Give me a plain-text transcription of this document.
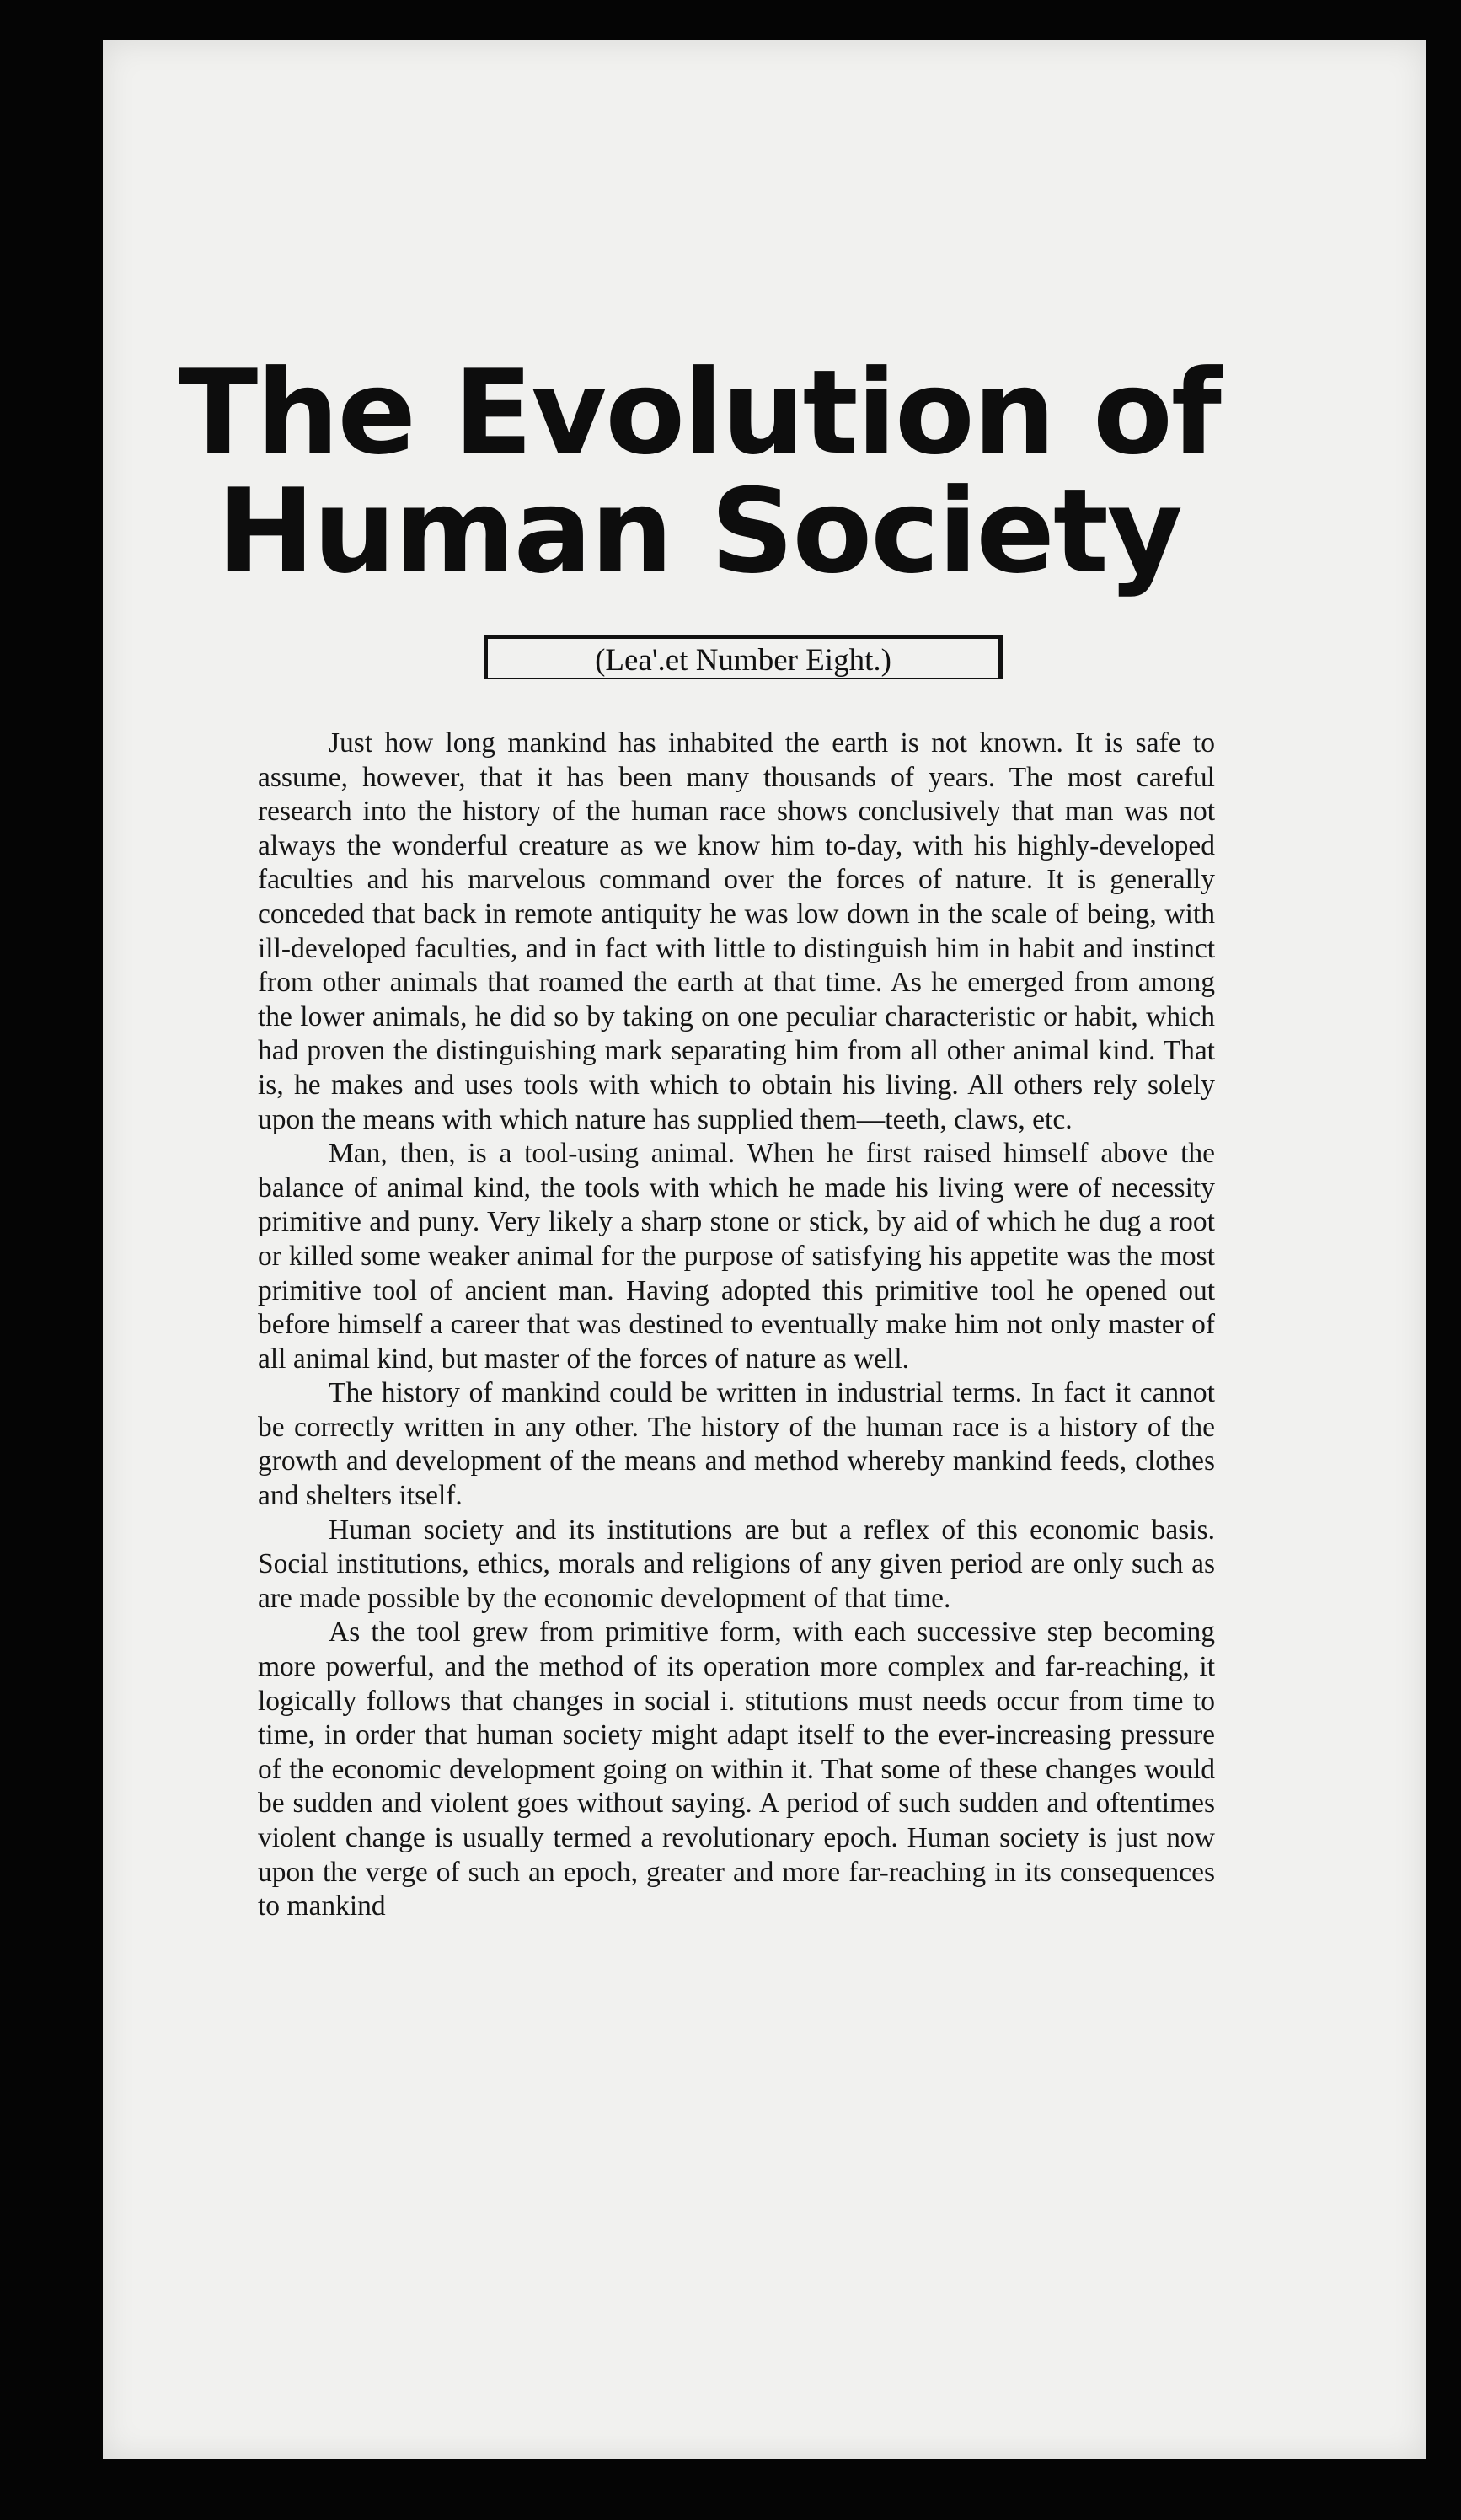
The Evolution of
Human Society
(Lea'.et Number Eight.)

Just how long mankind has inhabited the earth is not known. It is safe to assume, however, that it has been many thousands of years. The most careful research into the history of the human race shows conclusively that man was not always the wonderful creature as we know him to-day, with his highly-developed faculties and his marvelous command over the forces of nature. It is generally conceded that back in remote antiquity he was low down in the scale of being, with ill-developed faculties, and in fact with little to distinguish him in habit and instinct from other animals that roamed the earth at that time. As he emerged from among the lower animals, he did so by taking on one peculiar characteristic or habit, which had proven the distinguishing mark separating him from all other animal kind. That is, he makes and uses tools with which to obtain his living. All others rely solely upon the means with which nature has supplied them—teeth, claws, etc.

Man, then, is a tool-using animal. When he first raised himself above the balance of animal kind, the tools with which he made his living were of necessity primitive and puny. Very likely a sharp stone or stick, by aid of which he dug a root or killed some weaker animal for the purpose of satisfying his appetite was the most primitive tool of ancient man. Having adopted this primitive tool he opened out before himself a career that was destined to eventually make him not only master of all animal kind, but master of the forces of nature as well.

The history of mankind could be written in industrial terms. In fact it cannot be correctly written in any other. The history of the human race is a history of the growth and development of the means and method whereby mankind feeds, clothes and shelters itself.

Human society and its institutions are but a reflex of this economic basis. Social institutions, ethics, morals and religions of any given period are only such as are made possible by the economic development of that time.

As the tool grew from primitive form, with each successive step becoming more powerful, and the method of its operation more complex and far-reaching, it logically follows that changes in social i. stitutions must needs occur from time to time, in order that human society might adapt itself to the ever-increasing pressure of the economic development going on within it. That some of these changes would be sudden and violent goes without saying. A period of such sudden and oftentimes violent change is usually termed a revolutionary epoch. Human society is just now upon the verge of such an epoch, greater and more far-reaching in its consequences to mankind
